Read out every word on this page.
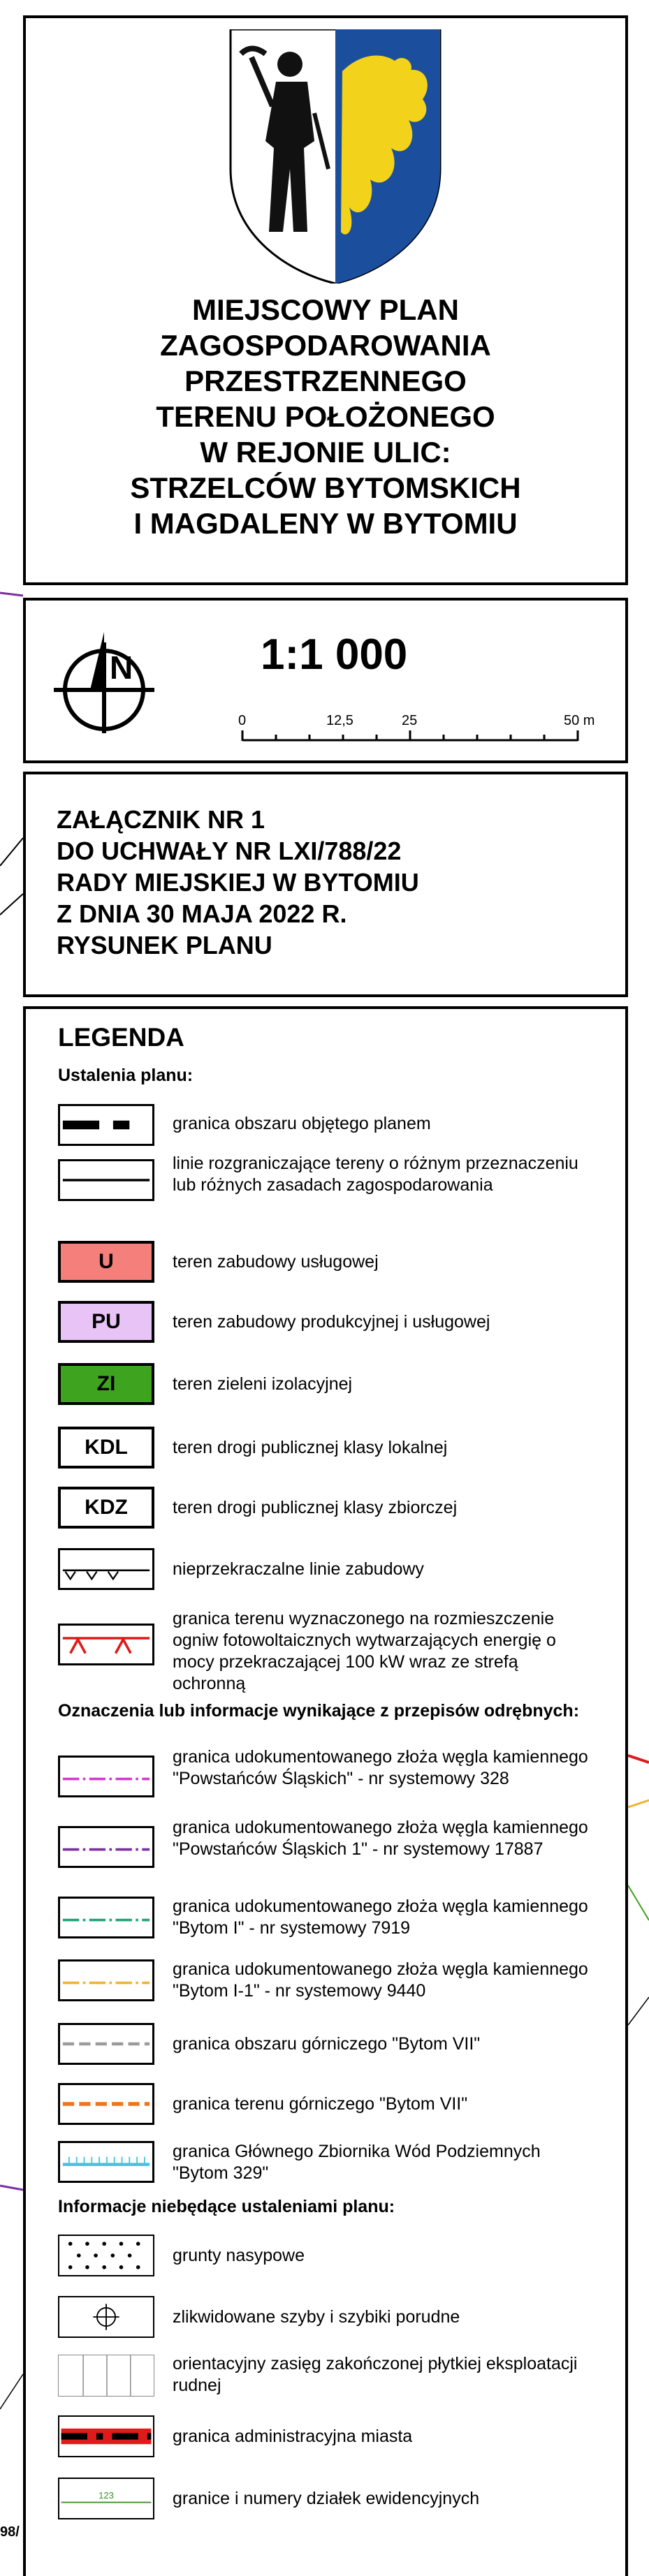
98/
MIEJSCOWY PLAN
ZAGOSPODAROWANIA
PRZESTRZENNEGO
TERENU POŁOŻONEGO
W REJONIE ULIC:
STRZELCÓW BYTOMSKICH
I MAGDALENY W BYTOMIU
N	1:1 000
0	12,5	25	50 m
ZAŁĄCZNIK NR 1
DO UCHWAŁY NR LXI/788/22
RADY MIEJSKIEJ W BYTOMIU
Z DNIA 30 MAJA 2022 R.
RYSUNEK PLANU
LEGENDA
Ustalenia planu:
granica obszaru objętego planem
linie rozgraniczające tereny o różnym przeznaczeniu lub różnych zasadach zagospodarowania
U	teren zabudowy usługowej
PU	teren zabudowy produkcyjnej i usługowej
ZI	teren zieleni izolacyjnej
KDL	teren drogi publicznej klasy lokalnej
KDZ	teren drogi publicznej klasy zbiorczej
nieprzekraczalne linie zabudowy
granica terenu wyznaczonego na rozmieszczenie ogniw fotowoltaicznych wytwarzających energię o mocy przekraczającej 100 kW wraz ze strefą ochronną
Oznaczenia lub informacje wynikające z przepisów odrębnych:
granica udokumentowanego złoża węgla kamiennego "Powstańców Śląskich" - nr systemowy 328
granica udokumentowanego złoża węgla kamiennego "Powstańców Śląskich 1" - nr systemowy 17887
granica udokumentowanego złoża węgla kamiennego "Bytom I" - nr systemowy 7919
granica udokumentowanego złoża węgla kamiennego "Bytom I-1" - nr systemowy 9440
granica obszaru górniczego "Bytom VII"
granica terenu górniczego "Bytom VII"
granica Głównego Zbiornika Wód Podziemnych "Bytom 329"
Informacje niebędące ustaleniami planu:
grunty nasypowe
zlikwidowane szyby i szybiki porudne
orientacyjny zasięg zakończonej płytkiej eksploatacji rudnej
granica administracyjna miasta
123	granice i numery działek ewidencyjnych
